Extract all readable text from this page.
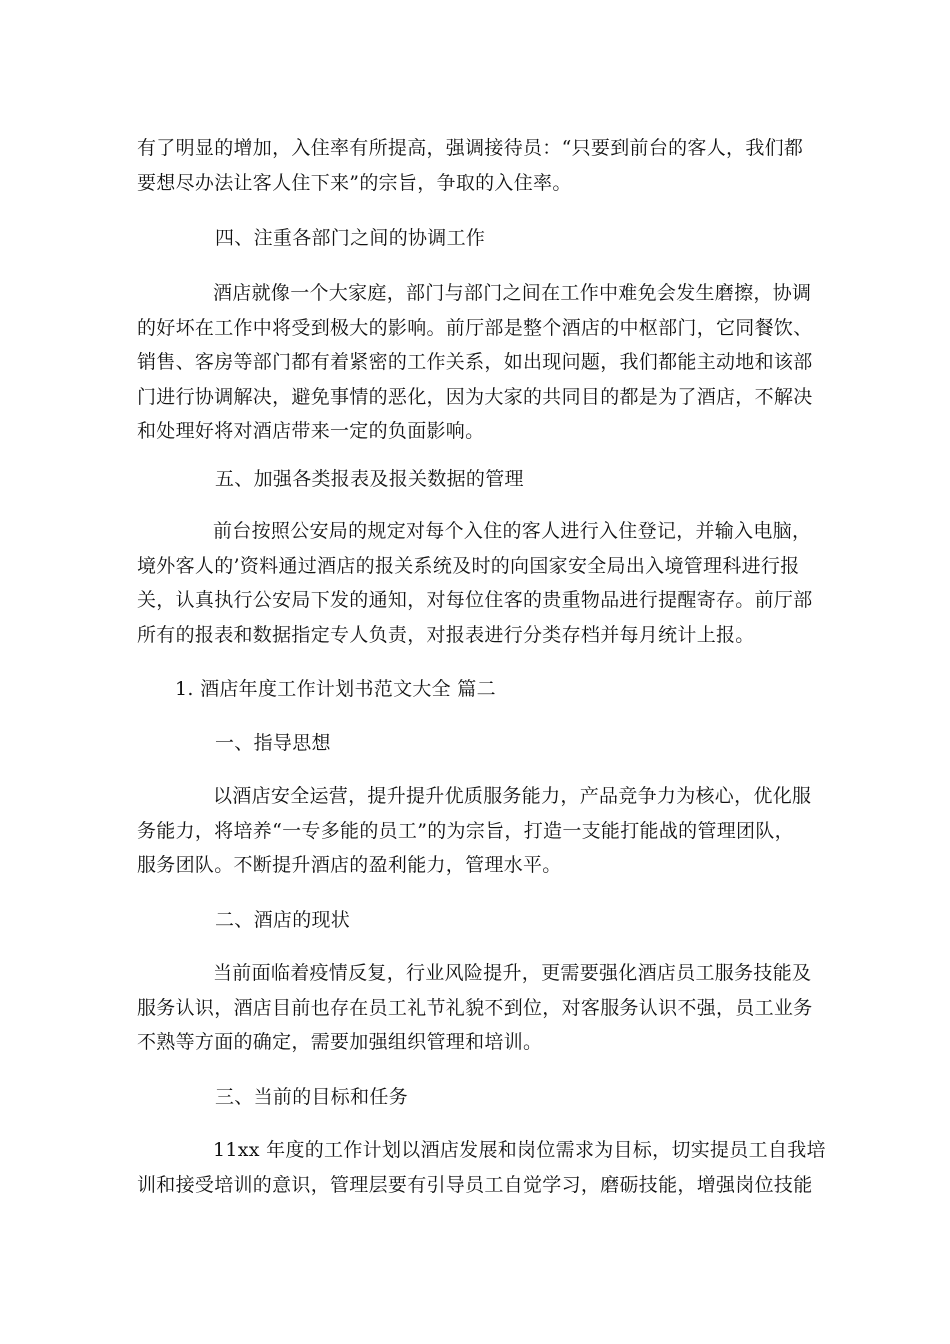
有了明显的增加，入住率有所提高，强调接待员：“只要到前台的客人，我们都
要想尽办法让客人住下来”的宗旨，争取的入住率。
四、注重各部门之间的协调工作
酒店就像一个大家庭，部门与部门之间在工作中难免会发生磨擦，协调
的好坏在工作中将受到极大的影响。前厅部是整个酒店的中枢部门，它同餐饮、
销售、客房等部门都有着紧密的工作关系，如出现问题，我们都能主动地和该部
门进行协调解决，避免事情的恶化，因为大家的共同目的都是为了酒店，不解决
和处理好将对酒店带来一定的负面影响。
五、加强各类报表及报关数据的管理
前台按照公安局的规定对每个入住的客人进行入住登记，并输入电脑，
境外客人的’资料通过酒店的报关系统及时的向国家安全局出入境管理科进行报
关，认真执行公安局下发的通知，对每位住客的贵重物品进行提醒寄存。前厅部
所有的报表和数据指定专人负责，对报表进行分类存档并每月统计上报。
1. 酒店年度工作计划书范文大全 篇二
一、指导思想
以酒店安全运营，提升提升优质服务能力，产品竞争力为核心，优化服
务能力，将培养“一专多能的员工”的为宗旨，打造一支能打能战的管理团队，
服务团队。不断提升酒店的盈利能力，管理水平。
二、酒店的现状
当前面临着疫情反复，行业风险提升，更需要强化酒店员工服务技能及
服务认识，酒店目前也存在员工礼节礼貌不到位，对客服务认识不强，员工业务
不熟等方面的确定，需要加强组织管理和培训。
三、当前的目标和任务
11xx 年度的工作计划以酒店发展和岗位需求为目标，切实提员工自我培
训和接受培训的意识，管理层要有引导员工自觉学习，磨砺技能，增强岗位技能
